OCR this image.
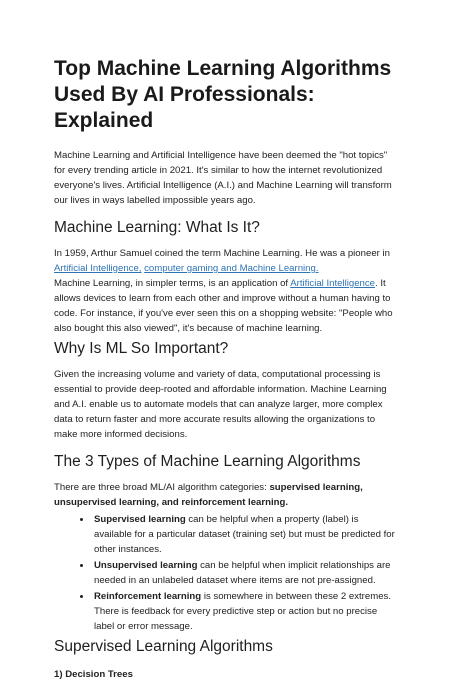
Top Machine Learning Algorithms Used By AI Professionals: Explained

Machine Learning and Artificial Intelligence have been deemed the "hot topics" for every trending article in 2021. It's similar to how the internet revolutionized everyone's lives. Artificial Intelligence (A.I.) and Machine Learning will transform our lives in ways labelled impossible years ago.

Machine Learning: What Is It?

In 1959, Arthur Samuel coined the term Machine Learning. He was a pioneer in Artificial Intelligence, computer gaming and Machine Learning.

Machine Learning, in simpler terms, is an application of Artificial Intelligence. It allows devices to learn from each other and improve without a human having to code. For instance, if you've ever seen this on a shopping website: "People who also bought this also viewed", it's because of machine learning.

Why Is ML So Important?

Given the increasing volume and variety of data, computational processing is essential to provide deep-rooted and affordable information. Machine Learning and A.I. enable us to automate models that can analyze larger, more complex data to return faster and more accurate results allowing the organizations to make more informed decisions.

The 3 Types of Machine Learning Algorithms

There are three broad ML/AI algorithm categories: supervised learning, unsupervised learning, and reinforcement learning.

• Supervised learning can be helpful when a property (label) is available for a particular dataset (training set) but must be predicted for other instances.
• Unsupervised learning can be helpful when implicit relationships are needed in an unlabeled dataset where items are not pre-assigned.
• Reinforcement learning is somewhere in between these 2 extremes. There is feedback for every predictive step or action but no precise label or error message.
Supervised Learning Algorithms

1) Decision Trees
